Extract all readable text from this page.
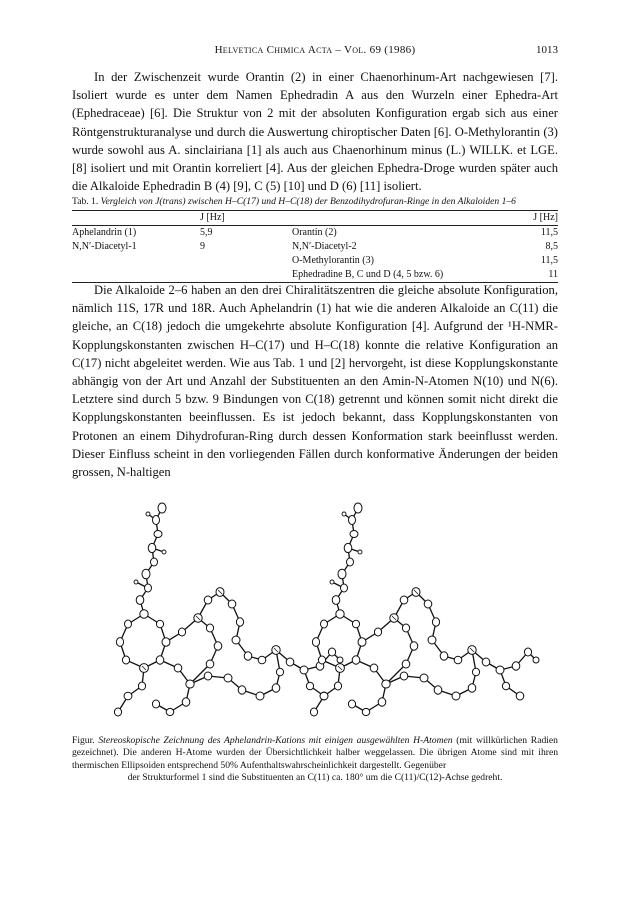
Helvetica Chimica Acta – Vol. 69 (1986)	1013

In der Zwischenzeit wurde Orantin (2) in einer Chaenorhinum-Art nachgewiesen [7]. Isoliert wurde es unter dem Namen Ephedradin A aus den Wurzeln einer Ephedra-Art (Ephedraceae) [6]. Die Struktur von 2 mit der absoluten Konfiguration ergab sich aus einer Röntgenstrukturanalyse und durch die Auswertung chiroptischer Daten [6]. O-Methylorantin (3) wurde sowohl aus A. sinclairiana [1] als auch aus Chaenorhinum minus (L.) WILLK. et LGE. [8] isoliert und mit Orantin korreliert [4]. Aus der gleichen Ephedra-Droge wurden später auch die Alkaloide Ephedradin B (4) [9], C (5) [10] und D (6) [11] isoliert.

Tab. 1. Vergleich von J(trans) zwischen H–C(17) und H–C(18) der Benzodihydrofuran-Ringe in den Alkaloiden 1–6
	J [Hz]		J [Hz]
Aphelandrin (1)	5,9	Orantin (2)	11,5
N,N′-Diacetyl-1	9	N,N′-Diacetyl-2	8,5
		O-Methylorantin (3)	11,5
		Ephedradine B, C und D (4, 5 bzw. 6)	11

Die Alkaloide 2–6 haben an den drei Chiralitätszentren die gleiche absolute Konfiguration, nämlich 11S, 17R und 18R. Auch Aphelandrin (1) hat wie die anderen Alkaloide an C(11) die gleiche, an C(18) jedoch die umgekehrte absolute Konfiguration [4]. Aufgrund der ¹H-NMR-Kopplungskonstanten zwischen H–C(17) und H–C(18) konnte die relative Konfiguration an C(17) nicht abgeleitet werden. Wie aus Tab. 1 und [2] hervorgeht, ist diese Kopplungskonstante abhängig von der Art und Anzahl der Substituenten an den Amin-N-Atomen N(10) und N(6). Letztere sind durch 5 bzw. 9 Bindungen von C(18) getrennt und können somit nicht direkt die Kopplungskonstanten beeinflussen. Es ist jedoch bekannt, dass Kopplungskonstanten von Protonen an einem Dihydrofuran-Ring durch dessen Konformation stark beeinflusst werden. Dieser Einfluss scheint in den vorliegenden Fällen durch konformative Änderungen der beiden grossen, N-haltigen

Figur. Stereoskopische Zeichnung des Aphelandrin-Kations mit einigen ausgewählten H-Atomen (mit willkürlichen Radien gezeichnet). Die anderen H-Atome wurden der Übersichtlichkeit halber weggelassen. Die übrigen Atome sind mit ihren thermischen Ellipsoiden entsprechend 50% Aufenthaltswahrscheinlichkeit dargestellt. Gegenüber
der Strukturformel 1 sind die Substituenten an C(11) ca. 180° um die C(11)/C(12)-Achse gedreht.
